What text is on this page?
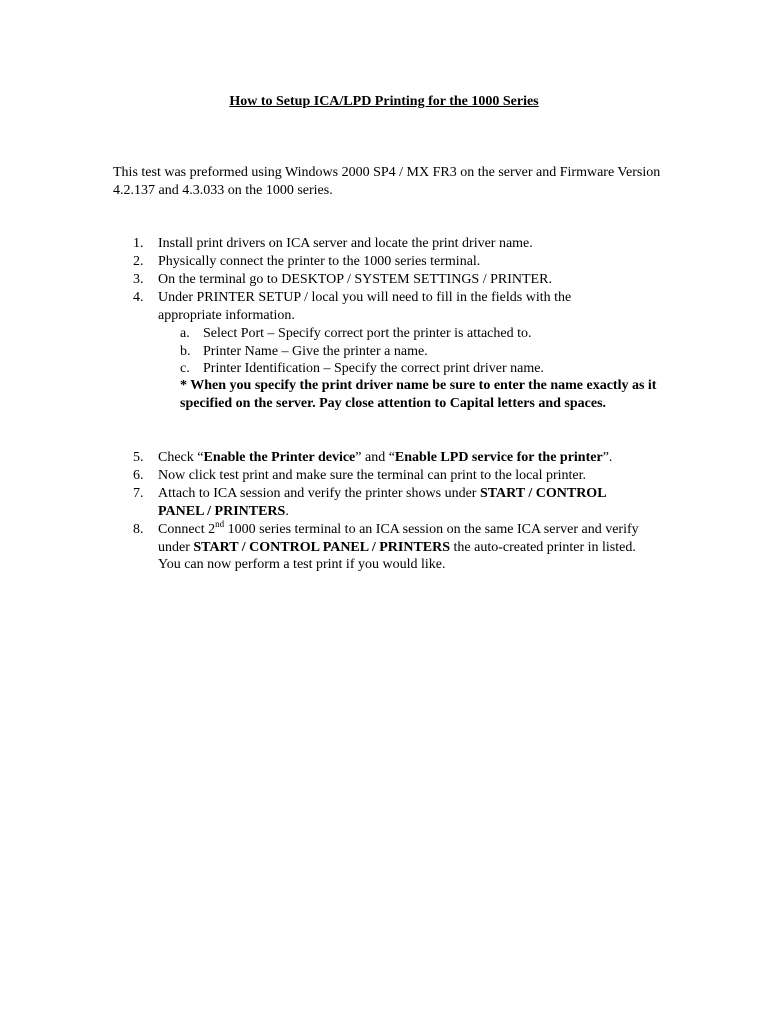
How to Setup ICA/LPD Printing for the 1000 Series

This test was preformed using Windows 2000 SP4 / MX FR3 on the server and Firmware Version 4.2.137 and 4.3.033 on the 1000 series.

1.	Install print drivers on ICA server and locate the print driver name.
2.	Physically connect the printer to the 1000 series terminal.
3.	On the terminal go to DESKTOP / SYSTEM SETTINGS / PRINTER.
4.	Under PRINTER SETUP / local you will need to fill in the fields with the appropriate information.
a. Select Port – Specify correct port the printer is attached to.
b. Printer Name – Give the printer a name.
c. Printer Identification – Specify the correct print driver name.

* When you specify the print driver name be sure to enter the name exactly as it specified on the server. Pay close attention to Capital letters and spaces.

5.	Check “Enable the Printer device” and “Enable LPD service for the printer”.
6.	Now click test print and make sure the terminal can print to the local printer.
7.	Attach to ICA session and verify the printer shows under START / CONTROL PANEL / PRINTERS.
8.	Connect 2nd 1000 series terminal to an ICA session on the same ICA server and verify under START / CONTROL PANEL / PRINTERS the auto-created printer in listed. You can now perform a test print if you would like.
